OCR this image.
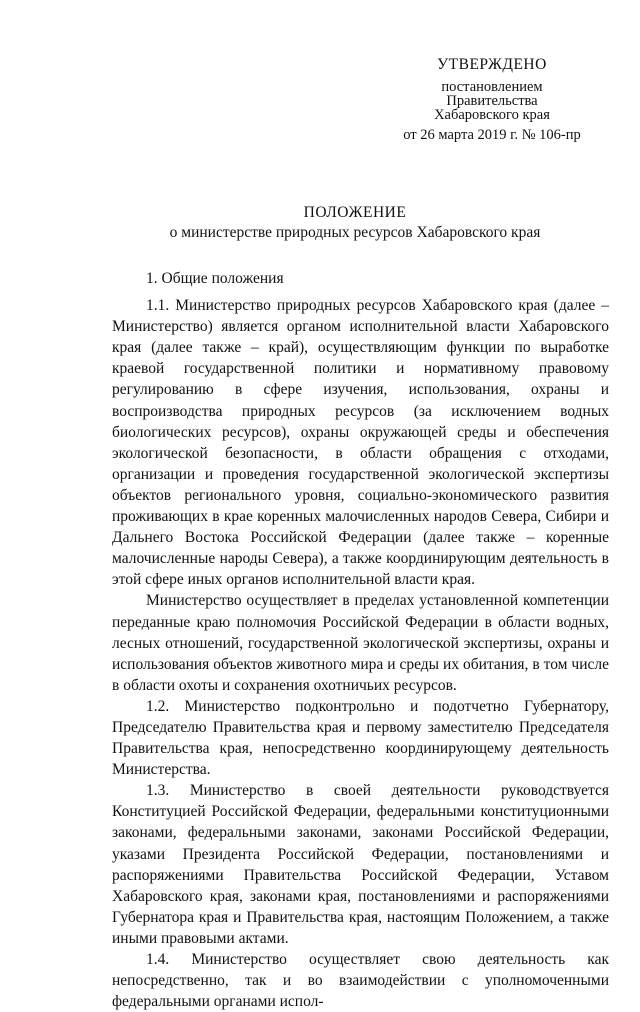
УТВЕРЖДЕНО
постановлением
Правительства
Хабаровского края
от 26 марта 2019 г. № 106-пр
ПОЛОЖЕНИЕ
о министерстве природных ресурсов Хабаровского края

1. Общие положения

1.1. Министерство природных ресурсов Хабаровского края (далее – Министерство) является органом исполнительной власти Хабаровского края (далее также – край), осуществляющим функции по выработке краевой государственной политики и нормативному правовому регулированию в сфере изучения, использования, охраны и воспроизводства природных ресурсов (за исключением водных биологических ресурсов), охраны окружающей среды и обеспечения экологической безопасности, в области обращения с отходами, организации и проведения государственной экологической экспертизы объектов регионального уровня, социально-экономического развития проживающих в крае коренных малочисленных народов Севера, Сибири и Дальнего Востока Российской Федерации (далее также – коренные малочисленные народы Севера), а также координирующим деятельность в этой сфере иных органов исполнительной власти края.

Министерство осуществляет в пределах установленной компетенции переданные краю полномочия Российской Федерации в области водных, лесных отношений, государственной экологической экспертизы, охраны и использования объектов животного мира и среды их обитания, в том числе в области охоты и сохранения охотничьих ресурсов.

1.2. Министерство подконтрольно и подотчетно Губернатору, Председателю Правительства края и первому заместителю Председателя Правительства края, непосредственно координирующему деятельность Министерства.

1.3. Министерство в своей деятельности руководствуется Конституцией Российской Федерации, федеральными конституционными законами, федеральными законами, законами Российской Федерации, указами Президента Российской Федерации, постановлениями и распоряжениями Правительства Российской Федерации, Уставом Хабаровского края, законами края, постановлениями и распоряжениями Губернатора края и Правительства края, настоящим Положением, а также иными правовыми актами.

1.4. Министерство осуществляет свою деятельность как непосредственно, так и во взаимодействии с уполномоченными федеральными органами испол-
